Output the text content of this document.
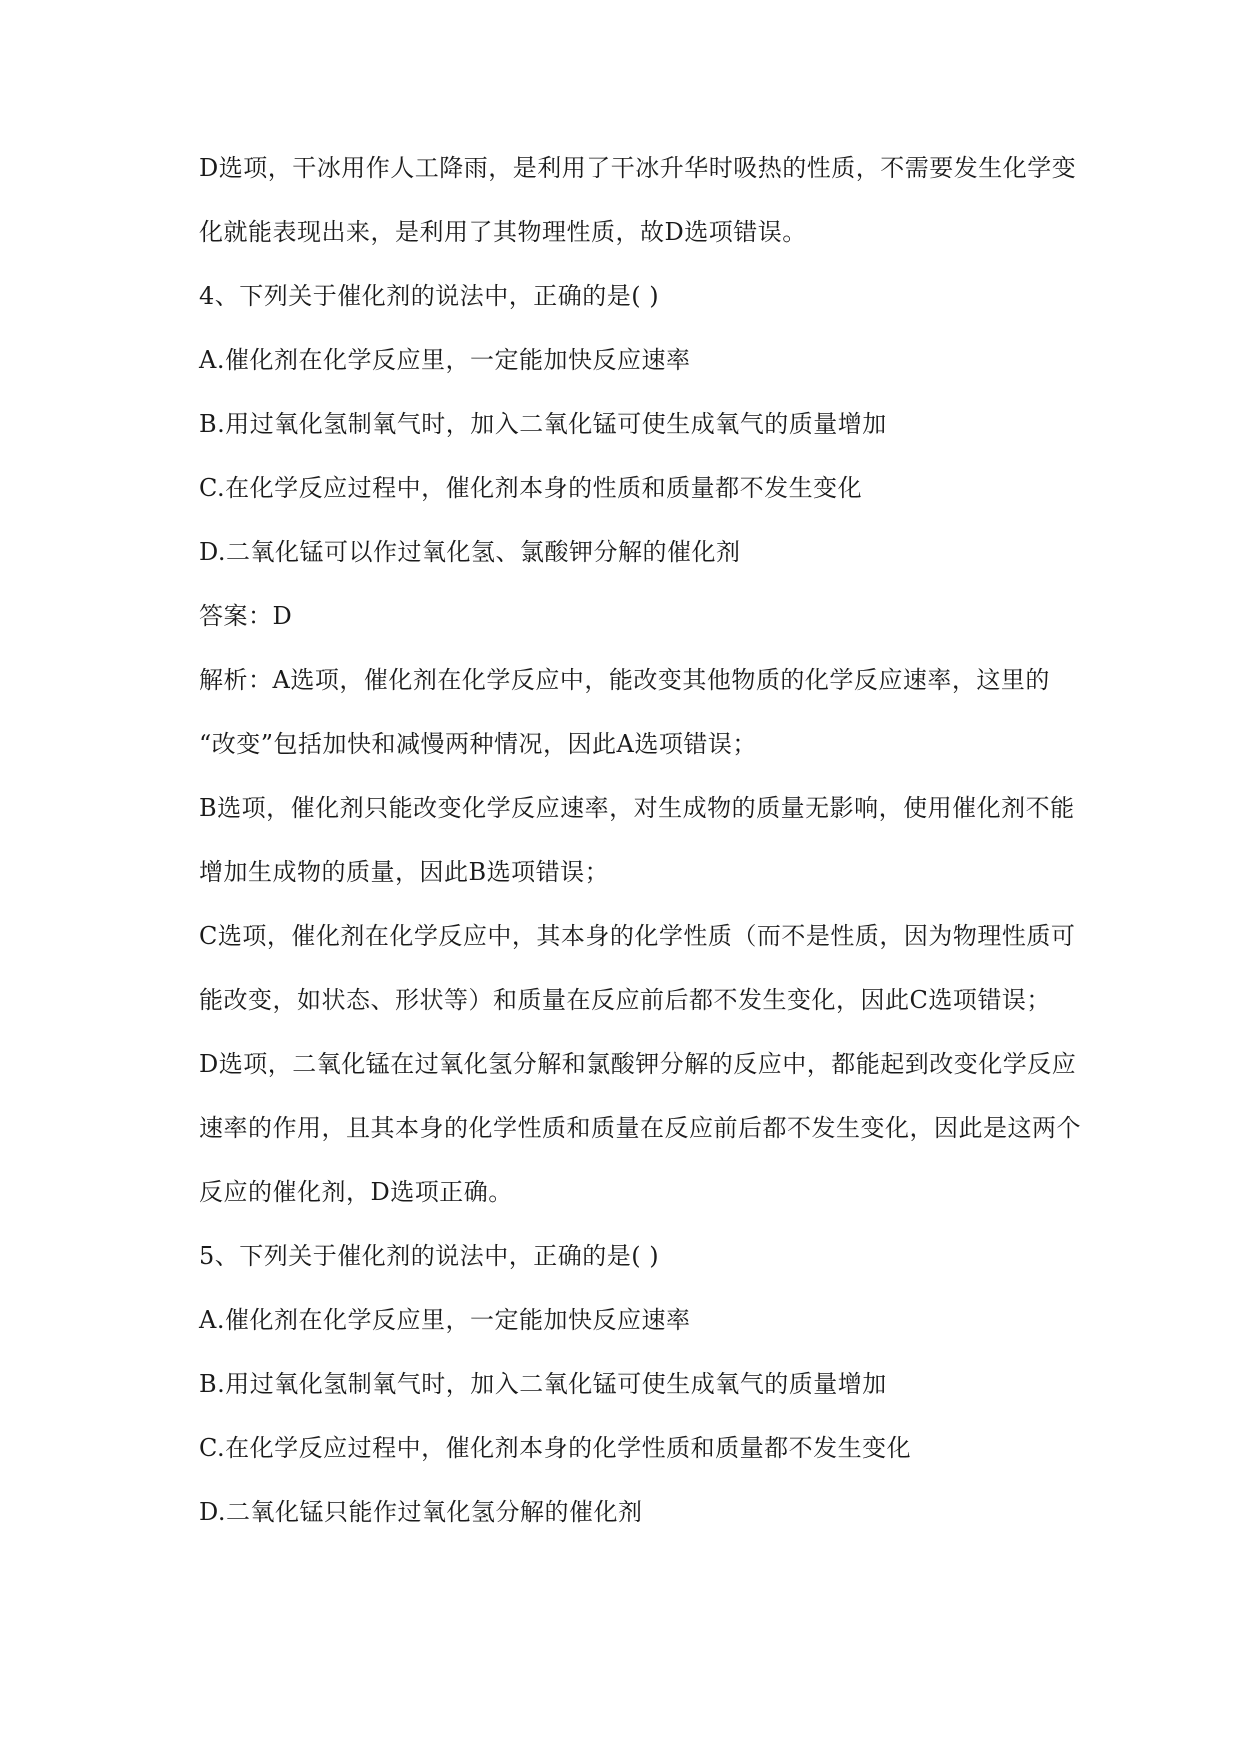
D选项，干冰用作人工降雨，是利用了干冰升华时吸热的性质，不需要发生化学变
化就能表现出来，是利用了其物理性质，故D选项错误。
4、下列关于催化剂的说法中，正确的是( )
A.催化剂在化学反应里，一定能加快反应速率
B.用过氧化氢制氧气时，加入二氧化锰可使生成氧气的质量增加
C.在化学反应过程中，催化剂本身的性质和质量都不发生变化
D.二氧化锰可以作过氧化氢、氯酸钾分解的催化剂
答案：D
解析：A选项，催化剂在化学反应中，能改变其他物质的化学反应速率，这里的
“改变”包括加快和减慢两种情况，因此A选项错误；
B选项，催化剂只能改变化学反应速率，对生成物的质量无影响，使用催化剂不能
增加生成物的质量，因此B选项错误；
C选项，催化剂在化学反应中，其本身的化学性质（而不是性质，因为物理性质可
能改变，如状态、形状等）和质量在反应前后都不发生变化，因此C选项错误；
D选项，二氧化锰在过氧化氢分解和氯酸钾分解的反应中，都能起到改变化学反应
速率的作用，且其本身的化学性质和质量在反应前后都不发生变化，因此是这两个
反应的催化剂，D选项正确。
5、下列关于催化剂的说法中，正确的是( )
A.催化剂在化学反应里，一定能加快反应速率
B.用过氧化氢制氧气时，加入二氧化锰可使生成氧气的质量增加
C.在化学反应过程中，催化剂本身的化学性质和质量都不发生变化
D.二氧化锰只能作过氧化氢分解的催化剂
